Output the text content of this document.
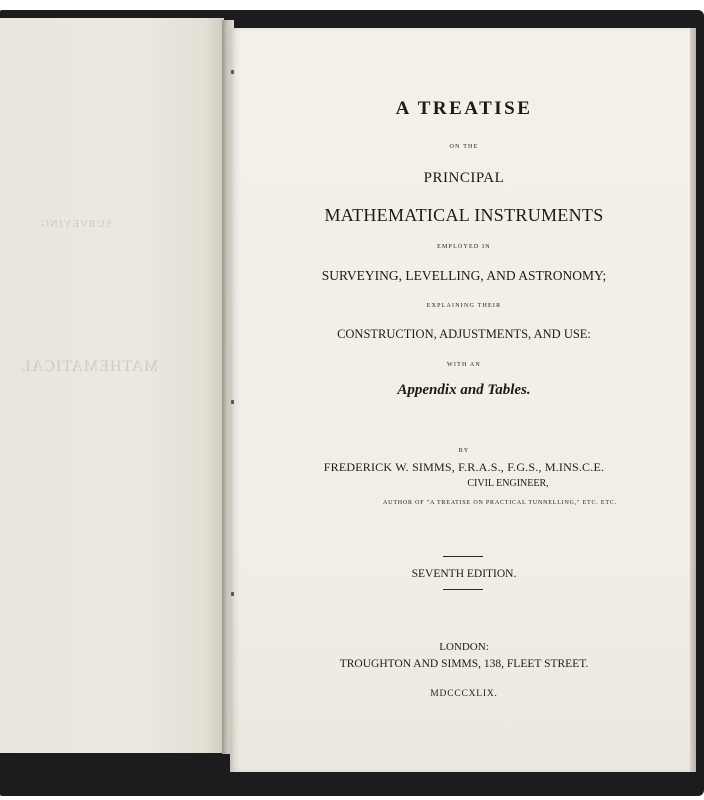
MATHEMATICAL
SURVEYING

A TREATISE

ON THE

PRINCIPAL

MATHEMATICAL INSTRUMENTS

EMPLOYED IN

SURVEYING, LEVELLING, AND ASTRONOMY;

EXPLAINING THEIR

CONSTRUCTION, ADJUSTMENTS, AND USE:

WITH AN

Appendix and Tables.

BY

FREDERICK W. SIMMS, F.R.A.S., F.G.S., M.INS.C.E.

CIVIL ENGINEER,

AUTHOR OF "A TREATISE ON PRACTICAL TUNNELLING," ETC. ETC.

SEVENTH EDITION.

LONDON:

TROUGHTON AND SIMMS, 138, FLEET STREET.

MDCCCXLIX.
